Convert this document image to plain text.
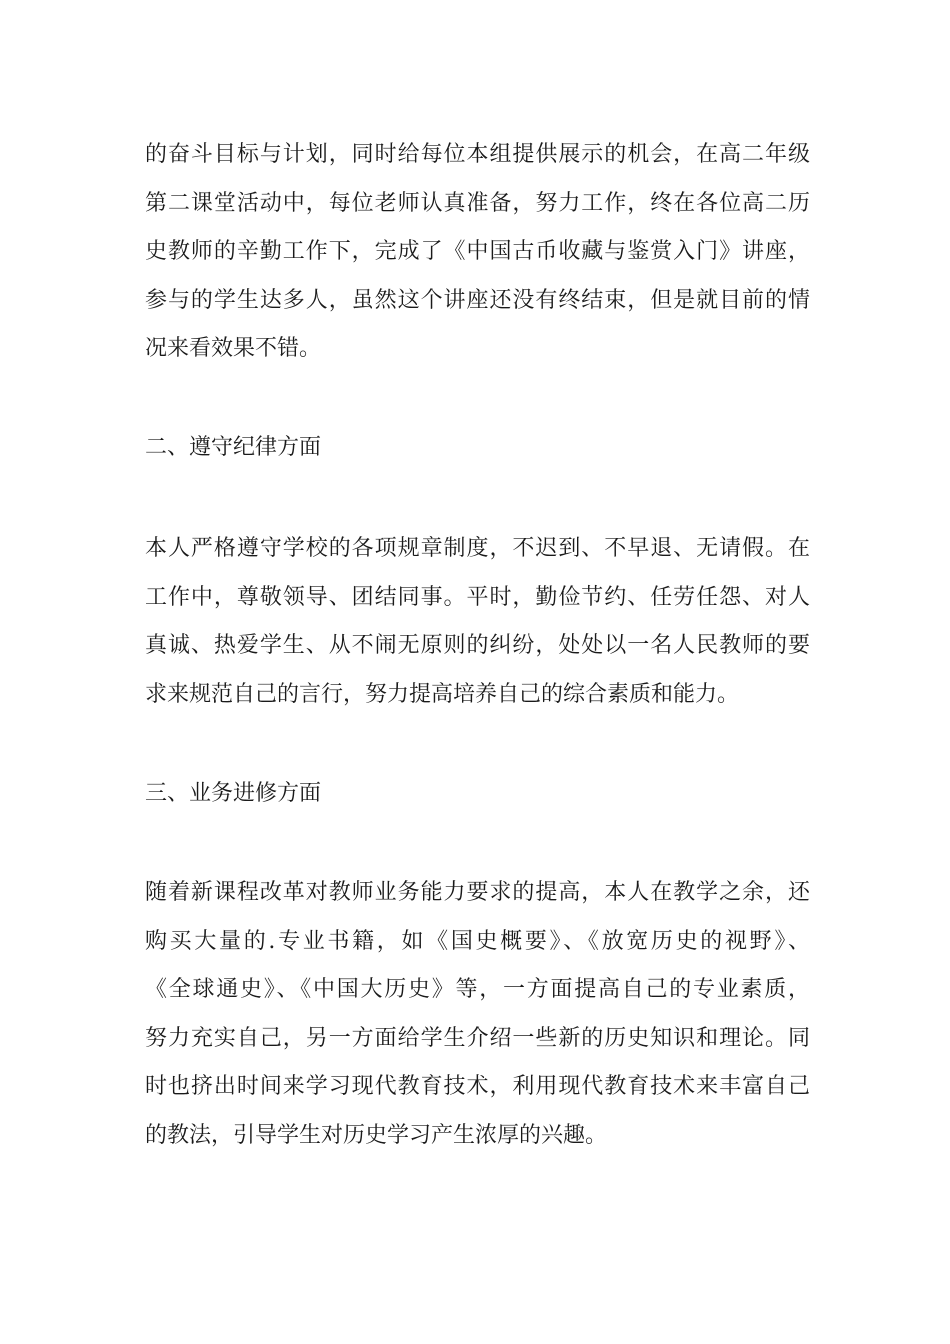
的奋斗目标与计划，同时给每位本组提供展示的机会，在高二年级
第二课堂活动中，每位老师认真准备，努力工作，终在各位高二历
史教师的辛勤工作下，完成了《中国古币收藏与鉴赏入门》讲座，
参与的学生达多人，虽然这个讲座还没有终结束，但是就目前的情
况来看效果不错。
二、遵守纪律方面
本人严格遵守学校的各项规章制度，不迟到、不早退、无请假。在
工作中，尊敬领导、团结同事。平时，勤俭节约、任劳任怨、对人
真诚、热爱学生、从不闹无原则的纠纷，处处以一名人民教师的要
求来规范自己的言行，努力提高培养自己的综合素质和能力。
三、业务进修方面
随着新课程改革对教师业务能力要求的提高，本人在教学之余，还
购买大量的.专业书籍，如《国史概要》、《放宽历史的视野》、
《全球通史》、《中国大历史》等，一方面提高自己的专业素质，
努力充实自己，另一方面给学生介绍一些新的历史知识和理论。同
时也挤出时间来学习现代教育技术，利用现代教育技术来丰富自己
的教法，引导学生对历史学习产生浓厚的兴趣。
